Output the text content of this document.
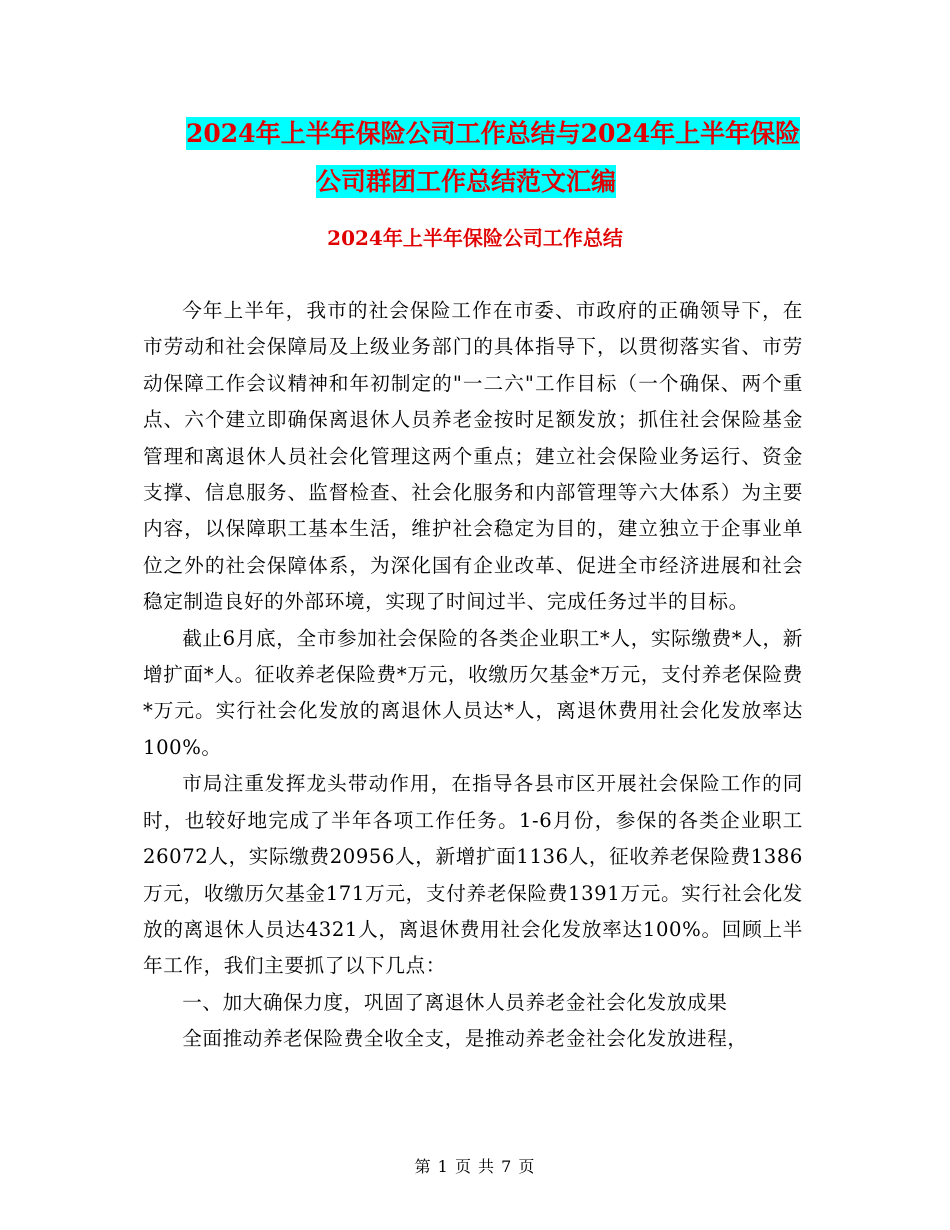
2024年上半年保险公司工作总结与2024年上半年保险
公司群团工作总结范文汇编
2024年上半年保险公司工作总结

今年上半年，我市的社会保险工作在市委、市政府的正确领导下，在市劳动和社会保障局及上级业务部门的具体指导下，以贯彻落实省、市劳动保障工作会议精神和年初制定的"一二六"工作目标（一个确保、两个重点、六个建立即确保离退休人员养老金按时足额发放；抓住社会保险基金管理和离退休人员社会化管理这两个重点；建立社会保险业务运行、资金支撑、信息服务、监督检查、社会化服务和内部管理等六大体系）为主要内容，以保障职工基本生活，维护社会稳定为目的，建立独立于企事业单位之外的社会保障体系，为深化国有企业改革、促进全市经济进展和社会稳定制造良好的外部环境，实现了时间过半、完成任务过半的目标。

截止6月底，全市参加社会保险的各类企业职工*人，实际缴费*人，新增扩面*人。征收养老保险费*万元，收缴历欠基金*万元，支付养老保险费*万元。实行社会化发放的离退休人员达*人，离退休费用社会化发放率达100%。

市局注重发挥龙头带动作用，在指导各县市区开展社会保险工作的同时，也较好地完成了半年各项工作任务。1-6月份，参保的各类企业职工26072人，实际缴费20956人，新增扩面1136人，征收养老保险费1386万元，收缴历欠基金171万元，支付养老保险费1391万元。实行社会化发放的离退休人员达4321人，离退休费用社会化发放率达100%。回顾上半年工作，我们主要抓了以下几点：

一、加大确保力度，巩固了离退休人员养老金社会化发放成果

全面推动养老保险费全收全支，是推动养老金社会化发放进程，

第 1 页 共 7 页
